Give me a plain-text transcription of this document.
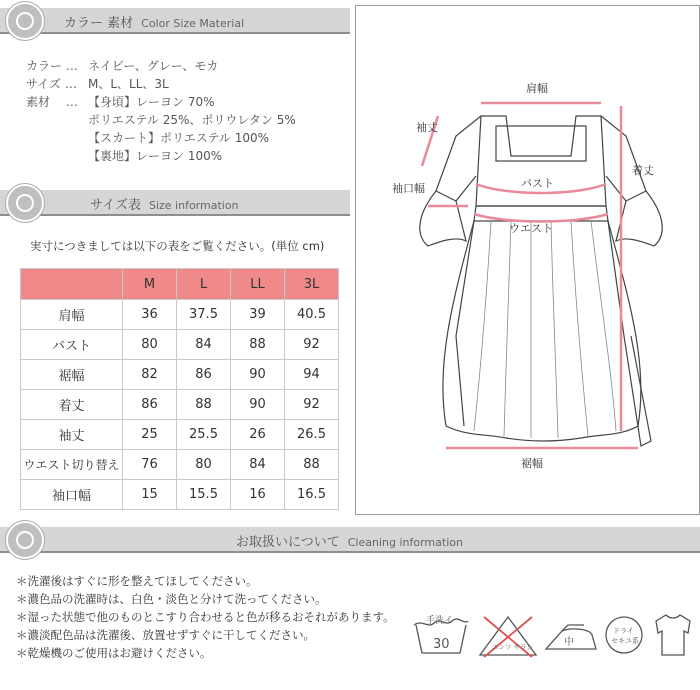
カラー 素材 Color Size Material
カラー … ネイビー、グレー、モカ
サイズ … M、L、LL、3L
素材 　… 【身頃】レーヨン 70%
ポリエステル 25%、ポリウレタン 5%
【スカート】ポリエステル 100%
【裏地】レーヨン 100%
サイズ表 Size information
実寸につきましては以下の表をご覧ください。(単位 cm)
	M	L	LL	3L
肩幅	36	37.5	39	40.5
バスト	80	84	88	92
裾幅	82	86	90	94
着丈	86	88	90	92
袖丈	25	25.5	26	26.5
ウエスト切り替え	76	80	84	88
袖口幅	15	15.5	16	16.5
肩幅
袖丈
着丈
袖口幅	バスト
ウエスト
裾幅
お取扱いについて Cleaning information
＊洗濯後はすぐに形を整えてほしてください。
＊濃色品の洗濯時は、白色・淡色と分けて洗ってください。
＊湿った状態で他のものとこすり合わせると色が移るおそれがあります。
＊濃淡配色品は洗濯後、放置せずすぐに干してください。
＊乾燥機のご使用はお避けください。
手洗イ
30	エンソ サラシ	中
ドライ
セキユ系
